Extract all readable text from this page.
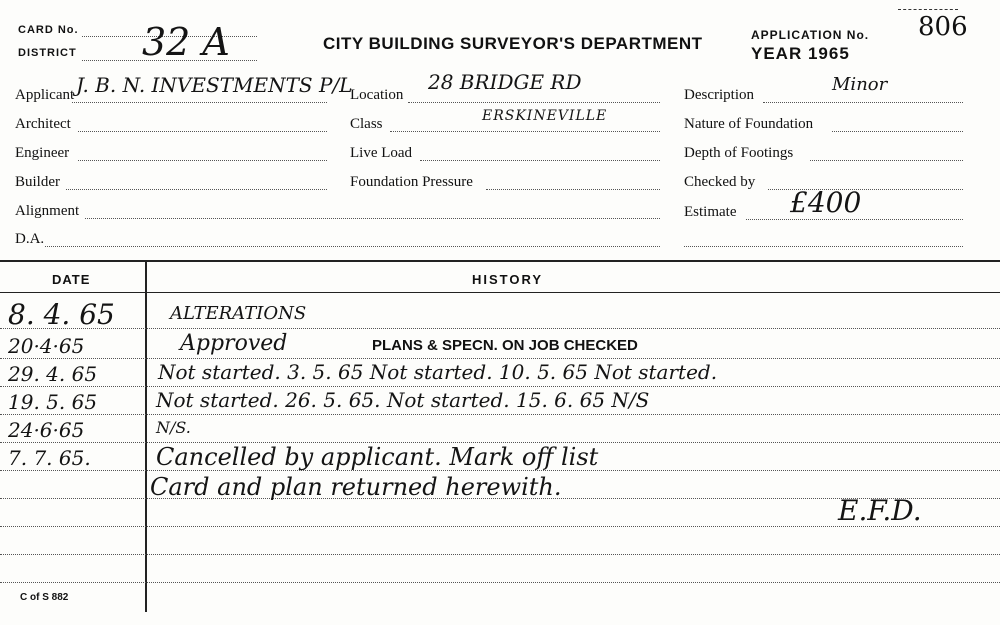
CARD No.
DISTRICT 32 A	CITY BUILDING SURVEYOR'S DEPARTMENT	APPLICATION No. 806
YEAR 1965
Applicant J. B. N. INVESTMENTS P/L
Architect
Engineer
Builder
Alignment
D.A.
Location
28 BRIDGE RD
Class	ERSKINEVILLE
Live Load
Foundation Pressure
Description	Minor
Nature of Foundation
Depth of Footings
Checked by
Estimate £400
DATE	HISTORY
8. 4. 65	ALTERATIONS
20·4·65	Approved	PLANS & SPECN. ON JOB CHECKED
29. 4. 65	Not started. 3. 5. 65 Not started. 10. 5. 65 Not started.
19. 5. 65	Not started. 26. 5. 65. Not started. 15. 6. 65 N/S
24·6·65	N/S.
7. 7. 65.	Cancelled by applicant. Mark off list
Card and plan returned herewith.
E.F.D.
C of S 882
